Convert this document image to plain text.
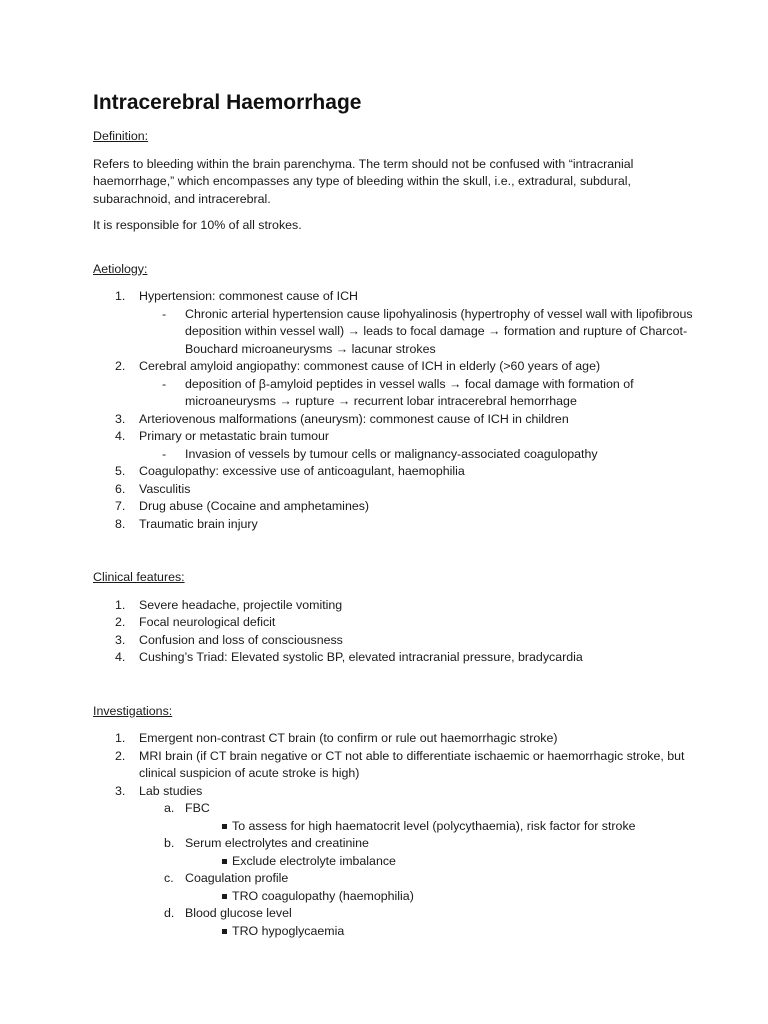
Intracerebral Haemorrhage
Definition:

Refers to bleeding within the brain parenchyma. The term should not be confused with “intracranial haemorrhage,” which encompasses any type of bleeding within the skull, i.e., extradural, subdural, subarachnoid, and intracerebral.

It is responsible for 10% of all strokes.

Aetiology:
1. Hypertension: commonest cause of ICH
- Chronic arterial hypertension cause lipohyalinosis (hypertrophy of vessel wall with lipofibrous deposition within vessel wall) → leads to focal damage → formation and rupture of Charcot-Bouchard microaneurysms → lacunar strokes
2. Cerebral amyloid angiopathy: commonest cause of ICH in elderly (>60 years of age)
- deposition of β-amyloid peptides in vessel walls → focal damage with formation of microaneurysms → rupture → recurrent lobar intracerebral hemorrhage
3. Arteriovenous malformations (aneurysm): commonest cause of ICH in children
4. Primary or metastatic brain tumour
- Invasion of vessels by tumour cells or malignancy-associated coagulopathy
5. Coagulopathy: excessive use of anticoagulant, haemophilia
6. Vasculitis
7. Drug abuse (Cocaine and amphetamines)
8. Traumatic brain injury
Clinical features:
1. Severe headache, projectile vomiting
2. Focal neurological deficit
3. Confusion and loss of consciousness
4. Cushing’s Triad: Elevated systolic BP, elevated intracranial pressure, bradycardia
Investigations:
1. Emergent non-contrast CT brain (to confirm or rule out haemorrhagic stroke)
2. MRI brain (if CT brain negative or CT not able to differentiate ischaemic or haemorrhagic stroke, but clinical suspicion of acute stroke is high)
3. Lab studies
a. FBC
To assess for high haematocrit level (polycythaemia), risk factor for stroke
b. Serum electrolytes and creatinine
Exclude electrolyte imbalance
c. Coagulation profile
TRO coagulopathy (haemophilia)
d. Blood glucose level
TRO hypoglycaemia
